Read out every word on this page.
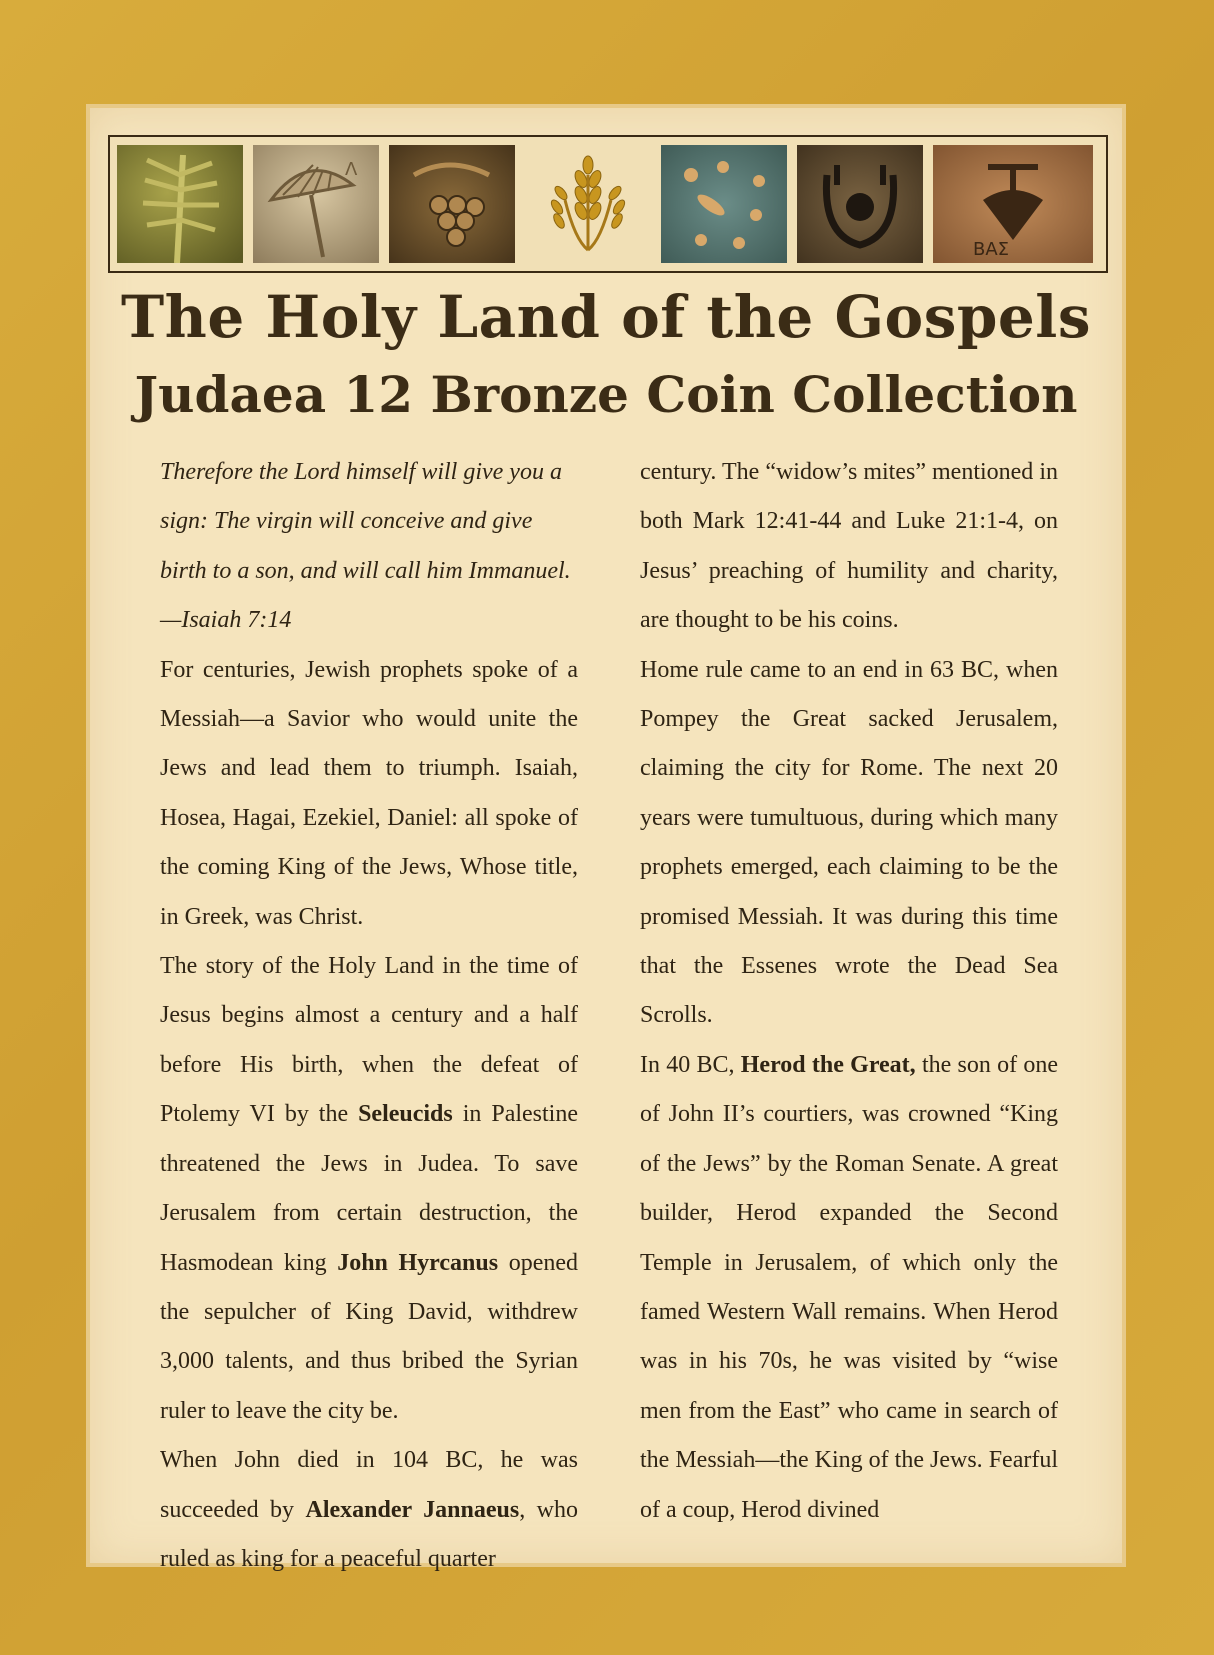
Λ
BAΣ
The Holy Land of the Gospels
Judaea 12 Bronze Coin Collection

Therefore the Lord himself will give you a sign: The virgin will conceive and give birth to a son, and will call him Immanuel.—Isaiah 7:14

For centuries, Jewish prophets spoke of a Messiah—a Savior who would unite the Jews and lead them to triumph. Isaiah, Hosea, Hagai, Ezekiel, Daniel: all spoke of the coming King of the Jews, Whose title, in Greek, was Christ.

The story of the Holy Land in the time of Jesus begins almost a century and a half before His birth, when the defeat of Ptolemy VI by the Seleucids in Palestine threatened the Jews in Judea. To save Jerusalem from certain destruction, the Hasmodean king John Hyrcanus opened the sepulcher of King David, withdrew 3,000 talents, and thus bribed the Syrian ruler to leave the city be.

When John died in 104 BC, he was succeeded by Alexander Jannaeus, who ruled as king for a peaceful quarter

century. The “widow’s mites” mentioned in both Mark 12:41-44 and Luke 21:1-4, on Jesus’ preaching of humility and charity, are thought to be his coins.

Home rule came to an end in 63 BC, when Pompey the Great sacked Jerusalem, claiming the city for Rome. The next 20 years were tumultuous, during which many prophets emerged, each claiming to be the promised Messiah. It was during this time that the Essenes wrote the Dead Sea Scrolls.

In 40 BC, Herod the Great, the son of one of John II’s courtiers, was crowned “King of the Jews” by the Roman Senate. A great builder, Herod expanded the Second Temple in Jerusalem, of which only the famed Western Wall remains. When Herod was in his 70s, he was visited by “wise men from the East” who came in search of the Messiah—the King of the Jews. Fearful of a coup, Herod divined
